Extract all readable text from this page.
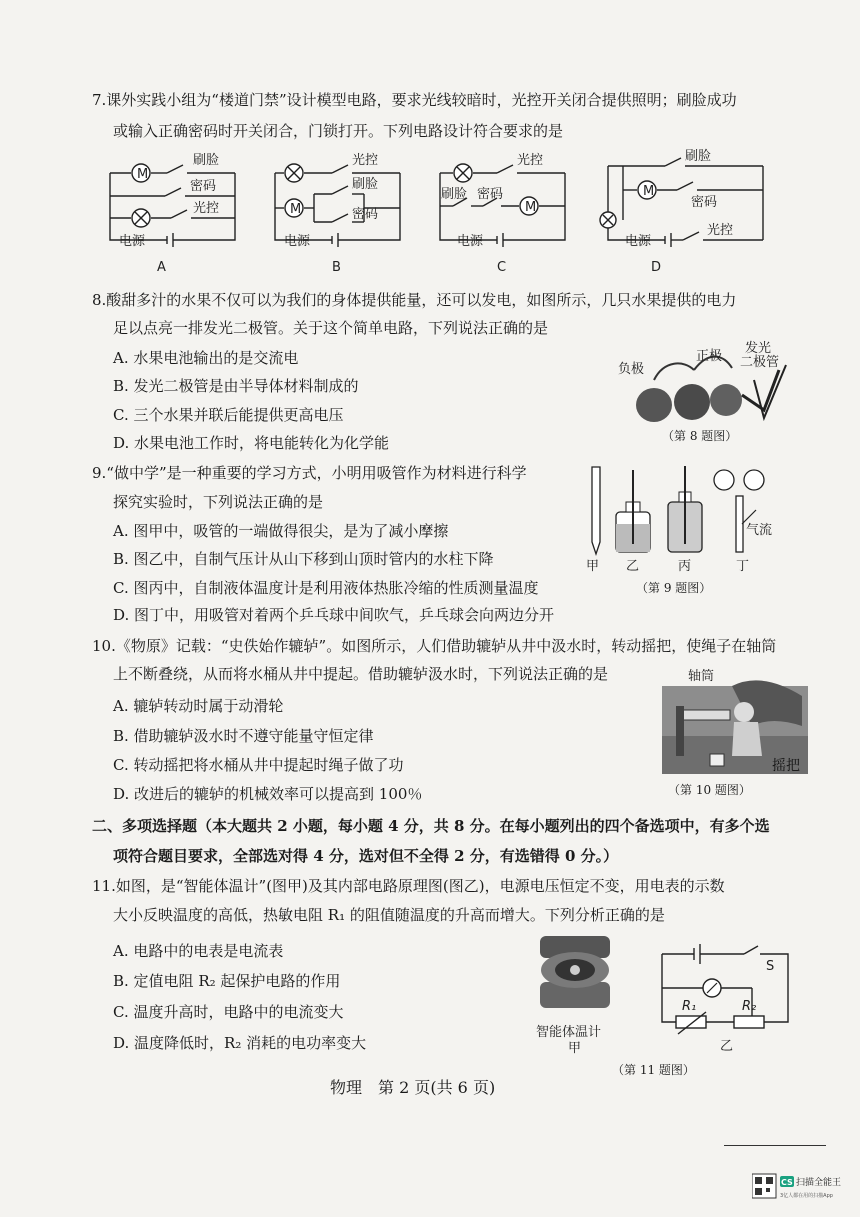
7.课外实践小组为“楼道门禁”设计模型电路，要求光线较暗时，光控开关闭合提供照明；刷脸成功
或输入正确密码时开关闭合，门锁打开。下列电路设计符合要求的是
M
刷脸
密码
光控
电源
A
M
光控
刷脸
密码
电源
B
M
光控
刷脸 密码
电源
C
M
刷脸
密码
光控
电源
D
8.酸甜多汁的水果不仅可以为我们的身体提供能量，还可以发电，如图所示，几只水果提供的电力
足以点亮一排发光二极管。关于这个简单电路，下列说法正确的是
A. 水果电池输出的是交流电
B. 发光二极管是由半导体材料制成的
C. 三个水果并联后能提供更高电压
D. 水果电池工作时，将电能转化为化学能
负极
正极
发光
二极管
（第 8 题图）
9.“做中学”是一种重要的学习方式，小明用吸管作为材料进行科学
探究实验时，下列说法正确的是
A. 图甲中，吸管的一端做得很尖，是为了减小摩擦
B. 图乙中，自制气压计从山下移到山顶时管内的水柱下降
C. 图丙中，自制液体温度计是利用液体热胀冷缩的性质测量温度
D. 图丁中，用吸管对着两个乒乓球中间吹气，乒乓球会向两边分开
甲 乙	丙	丁
气流
（第 9 题图）
10.《物原》记载：“史佚始作辘轳”。如图所示，人们借助辘轳从井中汲水时，转动摇把，使绳子在轴筒
上不断叠绕，从而将水桶从井中提起。借助辘轳汲水时，下列说法正确的是
A. 辘轳转动时属于动滑轮
B. 借助辘轳汲水时不遵守能量守恒定律
C. 转动摇把将水桶从井中提起时绳子做了功
D. 改进后的辘轳的机械效率可以提高到 100％
轴筒
摇把
（第 10 题图）
二、多项选择题（本大题共 2 小题，每小题 4 分，共 8 分。在每小题列出的四个备选项中，有多个选
项符合题目要求，全部选对得 4 分，选对但不全得 2 分，有选错得 0 分。）
11.如图，是“智能体温计”(图甲)及其内部电路原理图(图乙)，电源电压恒定不变，用电表的示数
大小反映温度的高低，热敏电阻 R₁ 的阻值随温度的升高而增大。下列分析正确的是
A. 电路中的电表是电流表
B. 定值电阻 R₂ 起保护电路的作用
C. 温度升高时，电路中的电流变大
D. 温度降低时，R₂ 消耗的电功率变大
智能体温计
甲
S
R₁	R₂
乙
（第 11 题图）
物理　第 2 页(共 6 页)
CS 扫描全能王
3亿人都在用的扫描App
